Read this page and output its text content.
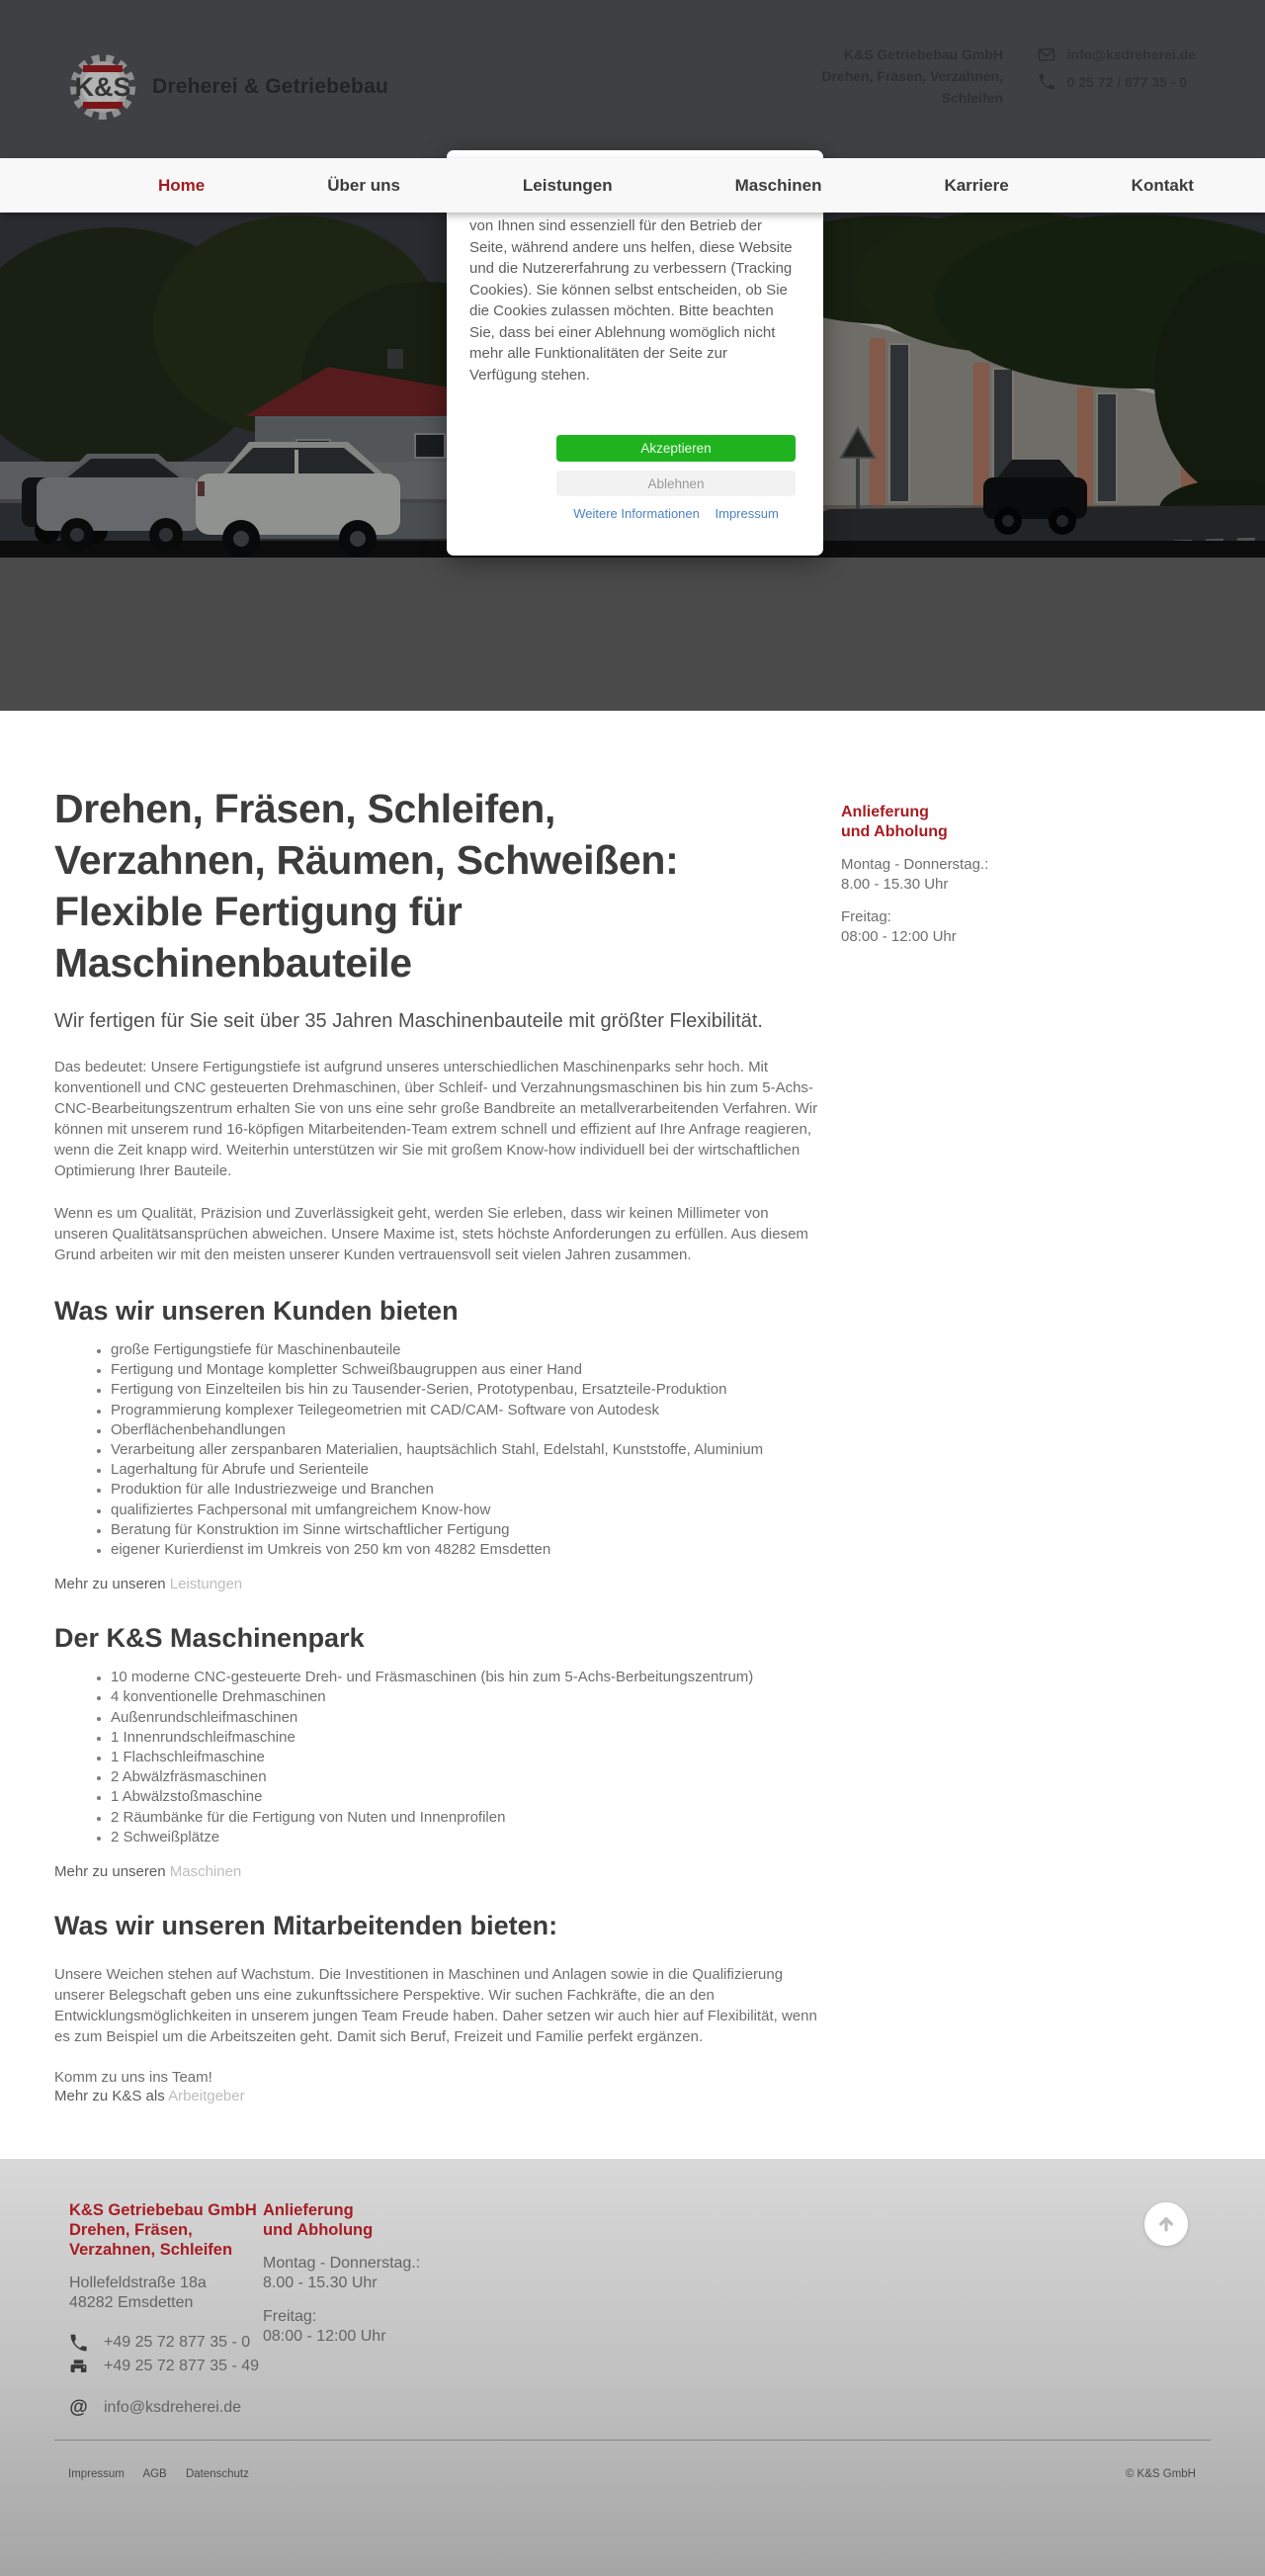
K&S Dreherei & Getriebebau
K&S Getriebebau GmbH
Drehen, Fräsen, Verzahnen,
Schleifen
info@ksdreherei.de
0 25 72 / 877 35 - 0
Home	Über uns	Leistungen	Maschinen	Karriere	Kontakt
von Ihnen sind essenziell für den Betrieb der Seite, während andere uns helfen, diese Website und die Nutzererfahrung zu verbessern (Tracking Cookies). Sie können selbst entscheiden, ob Sie die Cookies zulassen möchten. Bitte beachten Sie, dass bei einer Ablehnung womöglich nicht mehr alle Funktionalitäten der Seite zur Verfügung stehen.
Akzeptieren
Ablehnen
Weitere Informationen Impressum
Drehen, Fräsen, Schleifen,
Verzahnen, Räumen, Schweißen:
Flexible Fertigung für
Maschinenbauteile
Wir fertigen für Sie seit über 35 Jahren Maschinenbauteile mit größter Flexibilität.

Das bedeutet: Unsere Fertigungstiefe ist aufgrund unseres unterschiedlichen Maschinenparks sehr hoch. Mit konventionell und CNC gesteuerten Drehmaschinen, über Schleif- und Verzahnungsmaschinen bis hin zum 5-Achs-CNC-Bearbeitungszentrum erhalten Sie von uns eine sehr große Bandbreite an metallverarbeitenden Verfahren. Wir können mit unserem rund 16-köpfigen Mitarbeitenden-Team extrem schnell und effizient auf Ihre Anfrage reagieren, wenn die Zeit knapp wird. Weiterhin unterstützen wir Sie mit großem Know-how individuell bei der wirtschaftlichen Optimierung Ihrer Bauteile.

Wenn es um Qualität, Präzision und Zuverlässigkeit geht, werden Sie erleben, dass wir keinen Millimeter von unseren Qualitätsansprüchen abweichen. Unsere Maxime ist, stets höchste Anforderungen zu erfüllen. Aus diesem Grund arbeiten wir mit den meisten unserer Kunden vertrauensvoll seit vielen Jahren zusammen.

Was wir unseren Kunden bieten
• große Fertigungstiefe für Maschinenbauteile
• Fertigung und Montage kompletter Schweißbaugruppen aus einer Hand
• Fertigung von Einzelteilen bis hin zu Tausender-Serien, Prototypenbau, Ersatzteile-Produktion
• Programmierung komplexer Teilegeometrien mit CAD/CAM- Software von Autodesk
• Oberflächenbehandlungen
• Verarbeitung aller zerspanbaren Materialien, hauptsächlich Stahl, Edelstahl, Kunststoffe, Aluminium
• Lagerhaltung für Abrufe und Serienteile
• Produktion für alle Industriezweige und Branchen
• qualifiziertes Fachpersonal mit umfangreichem Know-how
• Beratung für Konstruktion im Sinne wirtschaftlicher Fertigung
• eigener Kurierdienst im Umkreis von 250 km von 48282 Emsdetten
Mehr zu unseren Leistungen
Der K&S Maschinenpark
• 10 moderne CNC-gesteuerte Dreh- und Fräsmaschinen (bis hin zum 5-Achs-Berbeitungszentrum)
• 4 konventionelle Drehmaschinen
• Außenrundschleifmaschinen
• 1 Innenrundschleifmaschine
• 1 Flachschleifmaschine
• 2 Abwälzfräsmaschinen
• 1 Abwälzstoßmaschine
• 2 Räumbänke für die Fertigung von Nuten und Innenprofilen
• 2 Schweißplätze
Mehr zu unseren Maschinen
Was wir unseren Mitarbeitenden bieten:

Unsere Weichen stehen auf Wachstum. Die Investitionen in Maschinen und Anlagen sowie in die Qualifizierung unserer Belegschaft geben uns eine zukunftssichere Perspektive. Wir suchen Fachkräfte, die an den Entwicklungsmöglichkeiten in unserem jungen Team Freude haben. Daher setzen wir auch hier auf Flexibilität, wenn es zum Beispiel um die Arbeitszeiten geht. Damit sich Beruf, Freizeit und Familie perfekt ergänzen.

Komm zu uns ins Team!

Mehr zu K&S als Arbeitgeber
Anlieferung
und Abholung
Montag - Donnerstag.:
8.00 - 15.30 Uhr
Freitag:
08:00 - 12:00 Uhr
K&S Getriebebau GmbH
Drehen, Fräsen,
Verzahnen, Schleifen
Hollefeldstraße 18a
48282 Emsdetten
+49 25 72 877 35 - 0
+49 25 72 877 35 - 49
@ info@ksdreherei.de
Anlieferung
und Abholung
Montag - Donnerstag.:
8.00 - 15.30 Uhr
Freitag:
08:00 - 12:00 Uhr
Impressum AGB Datenschutz	© K&S GmbH
